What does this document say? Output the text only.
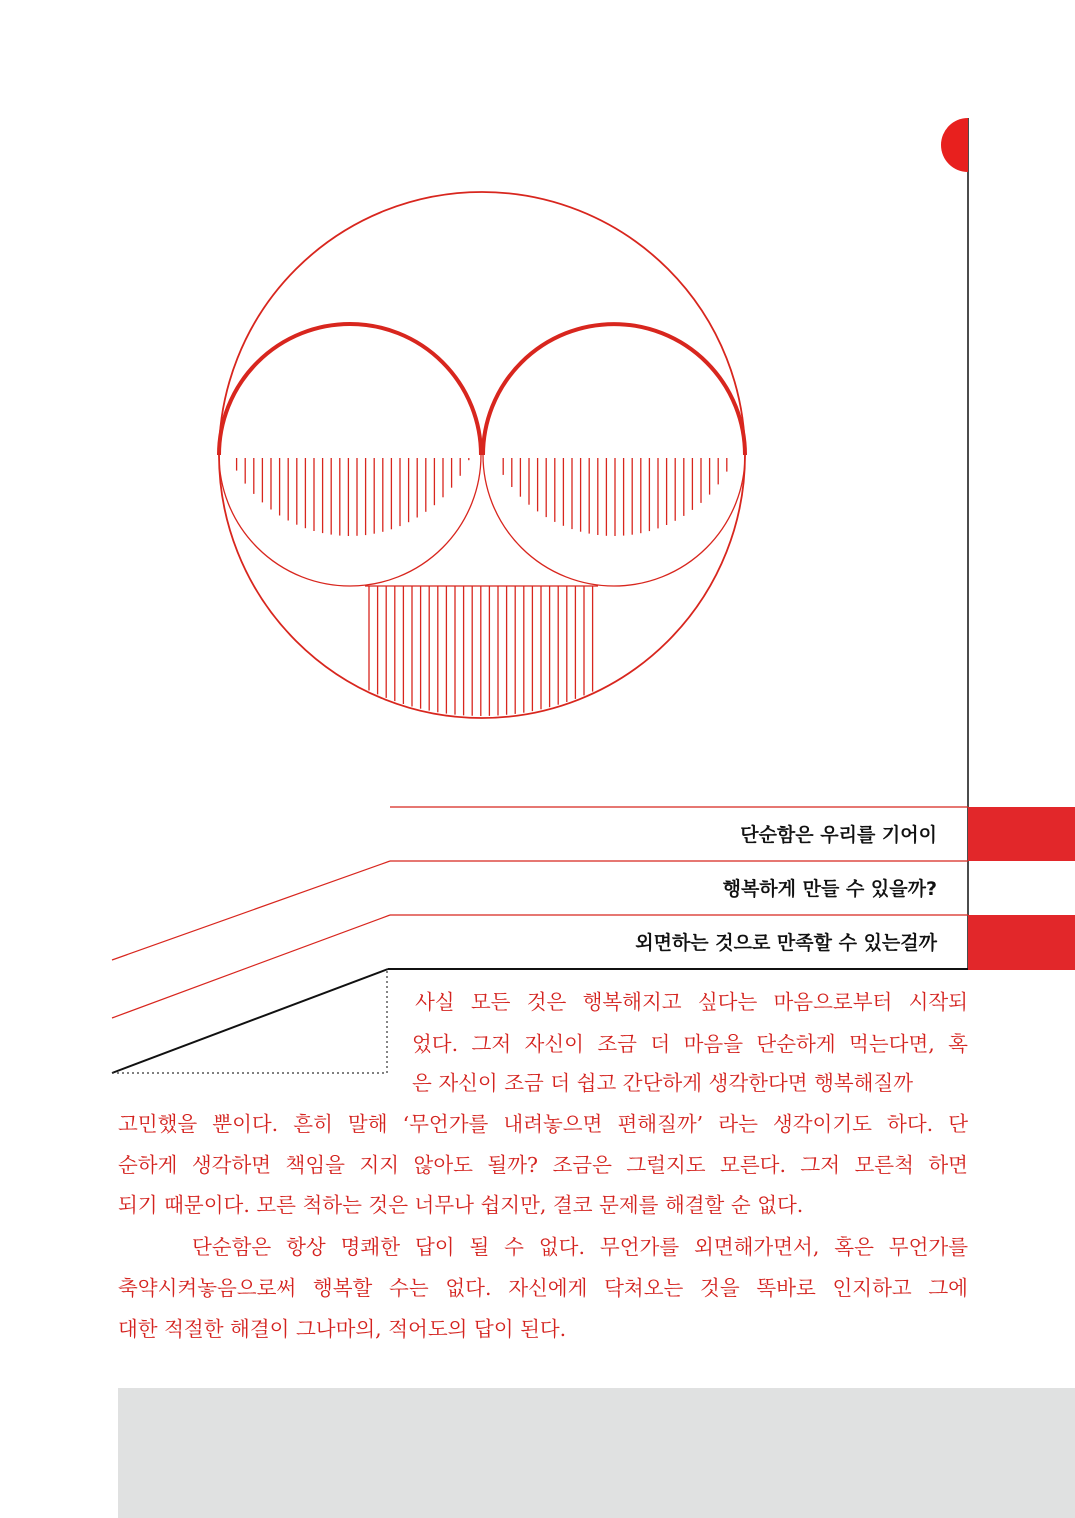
단순함은 우리를 기어이
행복하게 만들 수 있을까?
외면하는 것으로 만족할 수 있는걸까
사실 모든 것은 행복해지고 싶다는 마음으로부터 시작되
었다. 그저 자신이 조금 더 마음을 단순하게 먹는다면, 혹
은 자신이 조금 더 쉽고 간단하게 생각한다면 행복해질까
고민했을 뿐이다. 흔히 말해 ‘무언가를 내려놓으면 편해질까’ 라는 생각이기도 하다. 단
순하게 생각하면 책임을 지지 않아도 될까? 조금은 그럴지도 모른다. 그저 모른척 하면
되기 때문이다. 모른 척하는 것은 너무나 쉽지만, 결코 문제를 해결할 순 없다.
단순함은 항상 명쾌한 답이 될 수 없다. 무언가를 외면해가면서, 혹은 무언가를
축약시켜놓음으로써 행복할 수는 없다. 자신에게 닥쳐오는 것을 똑바로 인지하고 그에
대한 적절한 해결이 그나마의, 적어도의 답이 된다.
